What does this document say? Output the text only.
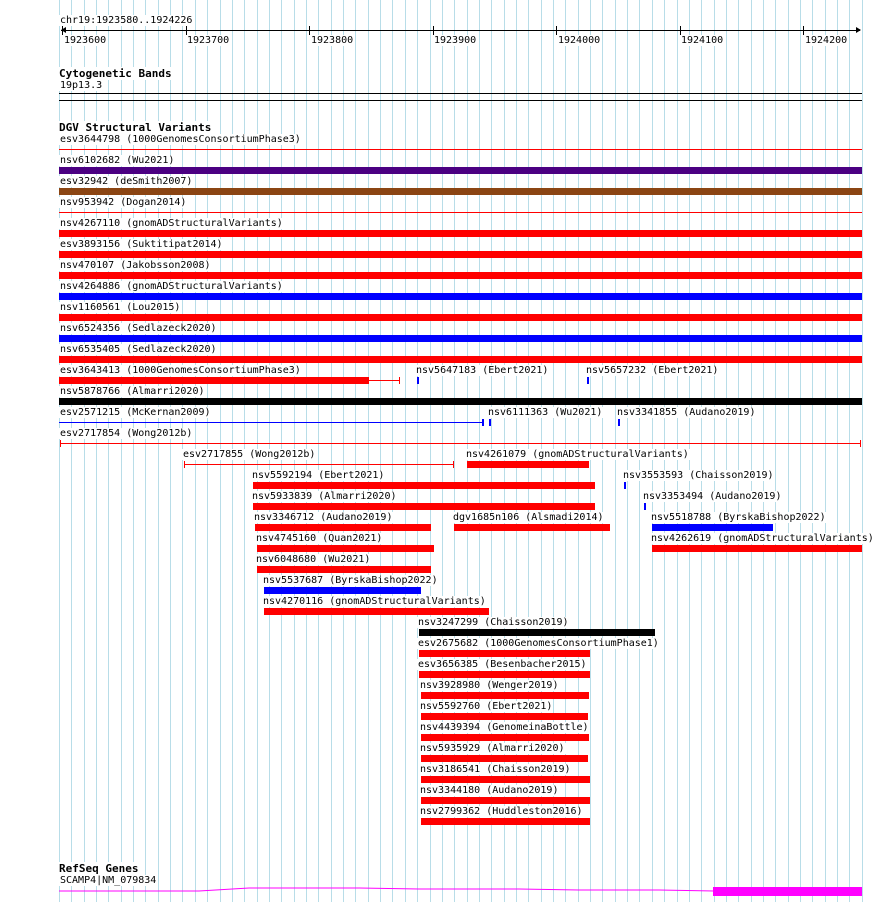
chr19:1923580..1924226
1923600	1923700	1923800	1923900	1924000	1924100	1924200
Cytogenetic Bands
19p13.3
DGV Structural Variants
esv3644798 (1000GenomesConsortiumPhase3)
nsv6102682 (Wu2021)
esv32942 (deSmith2007)
nsv953942 (Dogan2014)
nsv4267110 (gnomADStructuralVariants)
esv3893156 (Suktitipat2014)
nsv470107 (Jakobsson2008)
nsv4264886 (gnomADStructuralVariants)
nsv1160561 (Lou2015)
nsv6524356 (Sedlazeck2020)
nsv6535405 (Sedlazeck2020)
esv3643413 (1000GenomesConsortiumPhase3)	nsv5647183 (Ebert2021)	nsv5657232 (Ebert2021)
nsv5878766 (Almarri2020)
esv2571215 (McKernan2009)	nsv6111363 (Wu2021) nsv3341855 (Audano2019)
esv2717854 (Wong2012b)
esv2717855 (Wong2012b)	nsv4261079 (gnomADStructuralVariants)
nsv5592194 (Ebert2021)	nsv3553593 (Chaisson2019)
nsv5933839 (Almarri2020)	nsv3353494 (Audano2019)
nsv3346712 (Audano2019)	dgv1685n106 (Alsmadi2014)	nsv5518788 (ByrskaBishop2022)
nsv4745160 (Quan2021)	nsv4262619 (gnomADStructuralVariants)
nsv6048680 (Wu2021)
nsv5537687 (ByrskaBishop2022)
nsv4270116 (gnomADStructuralVariants)
nsv3247299 (Chaisson2019)
esv2675682 (1000GenomesConsortiumPhase1)
esv3656385 (Besenbacher2015)
nsv3928980 (Wenger2019)
nsv5592760 (Ebert2021)
nsv4439394 (GenomeinaBottle)
nsv5935929 (Almarri2020)
nsv3186541 (Chaisson2019)
nsv3344180 (Audano2019)
nsv2799362 (Huddleston2016)
RefSeq Genes
SCAMP4|NM_079834
